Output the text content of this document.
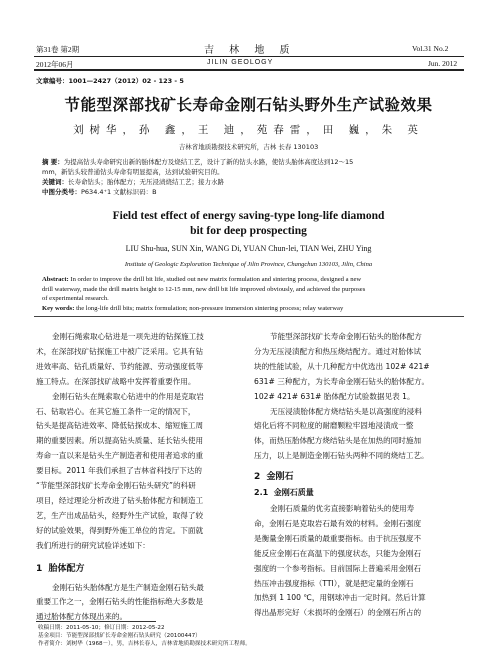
第31卷 第2期	吉 林 地 质	Vol.31 No.2
2012年06月	JILIN GEOLOGY	Jun. 2012
文章编号：1001—2427（2012）02 - 123 - 5
节能型深部找矿长寿命金刚石钻头野外生产试验效果
刘树华，孙 鑫，王 迪，苑春雷，田 巍，朱 英
吉林省地质勘探技术研究所，吉林 长春 130103
摘 要：为提高钻头寿命研究出新的胎体配方及烧结工艺，设计了新的钻头水路，使钻头胎体高度达到12～15
mm，新钻头较普通钻头寿命有明显提高，达到试验研究目的。
关键词：长寿命钻头；胎体配方；无压浸渍烧结工艺；接力水路
中图分类号：P634.4⁺1 文献标识码：B
Field test effect of energy saving-type long-life diamond
bit for deep prospecting
LIU Shu-hua, SUN Xin, WANG Di, YUAN Chun-lei, TIAN Wei, ZHU Ying
Institute of Geologic Exploration Technique of Jilin Province, Changchun 130103, Jilin, China
Abstract: In order to improve the drill bit life, studied out new matrix formulation and sintering process, designed a new
drill waterway, made the drill matrix height to 12-15 mm, new drill bit life improved obviously, and achieved the purposes
of experimental research.
Key words: the long-life drill bits; matrix formulation; non-pressure immersion sintering process; relay waterway

金刚石绳索取心钻进是一项先进的钻探施工技

术，在深部找矿钻探施工中被广泛采用。它具有钻

进效率高、钻孔质量好、节约能源、劳动强度低等

施工特点。在深部找矿战略中发挥着重要作用。

金刚石钻头在绳索取心钻进中的作用是克取岩

石、钻取岩心。在其它施工条件一定的情况下，

钻头是提高钻进效率、降低钻探成本、缩短施工周

期的重要因素。所以提高钻头质量、延长钻头使用

寿命一直以来是钻头生产制造者和使用者追求的重

要目标。2011 年我们承担了吉林省科技厅下达的

“节能型深部找矿长寿命金刚石钻头研究”的科研

项目，经过理论分析改进了钻头胎体配方和制造工

艺，生产出成品钻头，经野外生产试验，取得了较

好的试验效果，得到野外施工单位的肯定。下面就

我们所进行的研究试验详述如下：

1 胎体配方

金刚石钻头胎体配方是生产制造金刚石钻头最

重要工作之一，金刚石钻头的性能指标绝大多数是

通过胎体配方体现出来的。

节能型深部找矿长寿命金刚石钻头的胎体配方

分为无压浸渍配方和热压烧结配方。通过对胎体试

块的性能试验，从十几种配方中优选出 102# 421#

631# 三种配方，为长寿命金刚石钻头的胎体配方。

102# 421# 631# 胎体配方试验数据见表 1。

无压浸渍胎体配方烧结钻头是以高强度的浸料

熔化后将不同粒度的耐磨颗粒牢固地浸渍成一整

体，而热压胎体配方烧结钻头是在加热的同时施加

压力，以上是制造金刚石钻头两种不同的烧结工艺。

2 金刚石
2.1 金刚石质量

金刚石质量的优劣直接影响着钻头的使用寿

命，金刚石是克取岩石最有效的材料。金刚石强度

是衡量金刚石质量的最重要指标。由于抗压强度不

能反应金刚石在高温下的强度状态，只能为金刚石

强度的一个参考指标。目前国际上普遍采用金刚石

热压冲击强度指标（TTI），就是把定量的金刚石

加热到 1 100 ℃，用钢球冲击一定时间。然后计算

得出晶形完好（未损坏的金刚石）的金刚石所占的

收稿日期：2011-05-10；修订日期：2012-05-22
基金项目：节能型深部找矿长寿命金刚石钻头研究（20100447）
作者简介：刘树华（1968－），男，吉林长春人，吉林省地质勘探技术研究所工程师。
